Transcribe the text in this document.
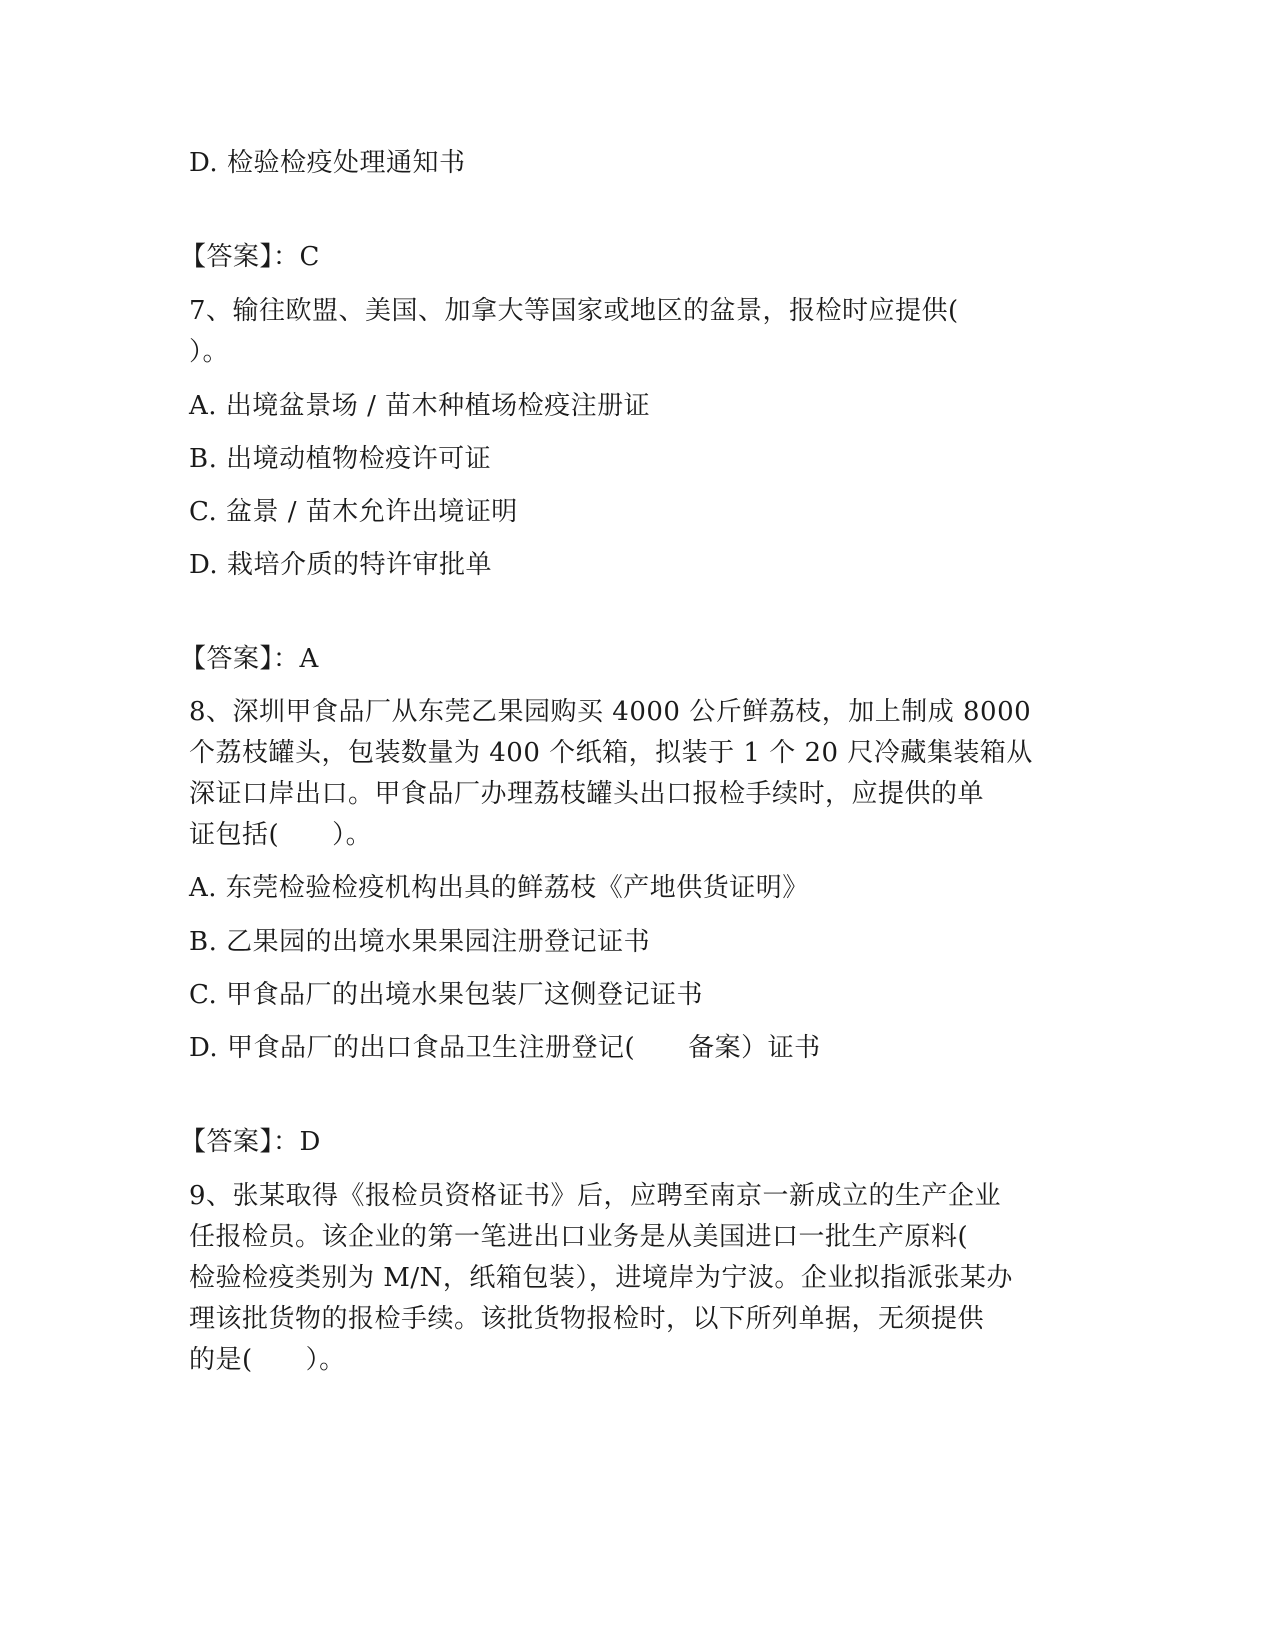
D. 检验检疫处理通知书
【答案】：C
7、输往欧盟、美国、加拿大等国家或地区的盆景，报检时应提供(
）。
A. 出境盆景场 / 苗木种植场检疫注册证
B. 出境动植物检疫许可证
C. 盆景 / 苗木允许出境证明
D. 栽培介质的特许审批单
【答案】：A
8、深圳甲食品厂从东莞乙果园购买 4000 公斤鲜荔枝，加上制成 8000
个荔枝罐头，包装数量为 400 个纸箱，拟装于 1 个 20 尺冷藏集装箱从
深证口岸出口。甲食品厂办理荔枝罐头出口报检手续时，应提供的单
证包括(　　）。
A. 东莞检验检疫机构出具的鲜荔枝《产地供货证明》
B. 乙果园的出境水果果园注册登记证书
C. 甲食品厂的出境水果包装厂这侧登记证书
D. 甲食品厂的出口食品卫生注册登记(　　备案）证书
【答案】：D
9、张某取得《报检员资格证书》后，应聘至南京一新成立的生产企业
任报检员。该企业的第一笔进出口业务是从美国进口一批生产原料(
检验检疫类别为 M/N，纸箱包装），进境岸为宁波。企业拟指派张某办
理该批货物的报检手续。该批货物报检时，以下所列单据，无须提供
的是(　　）。
